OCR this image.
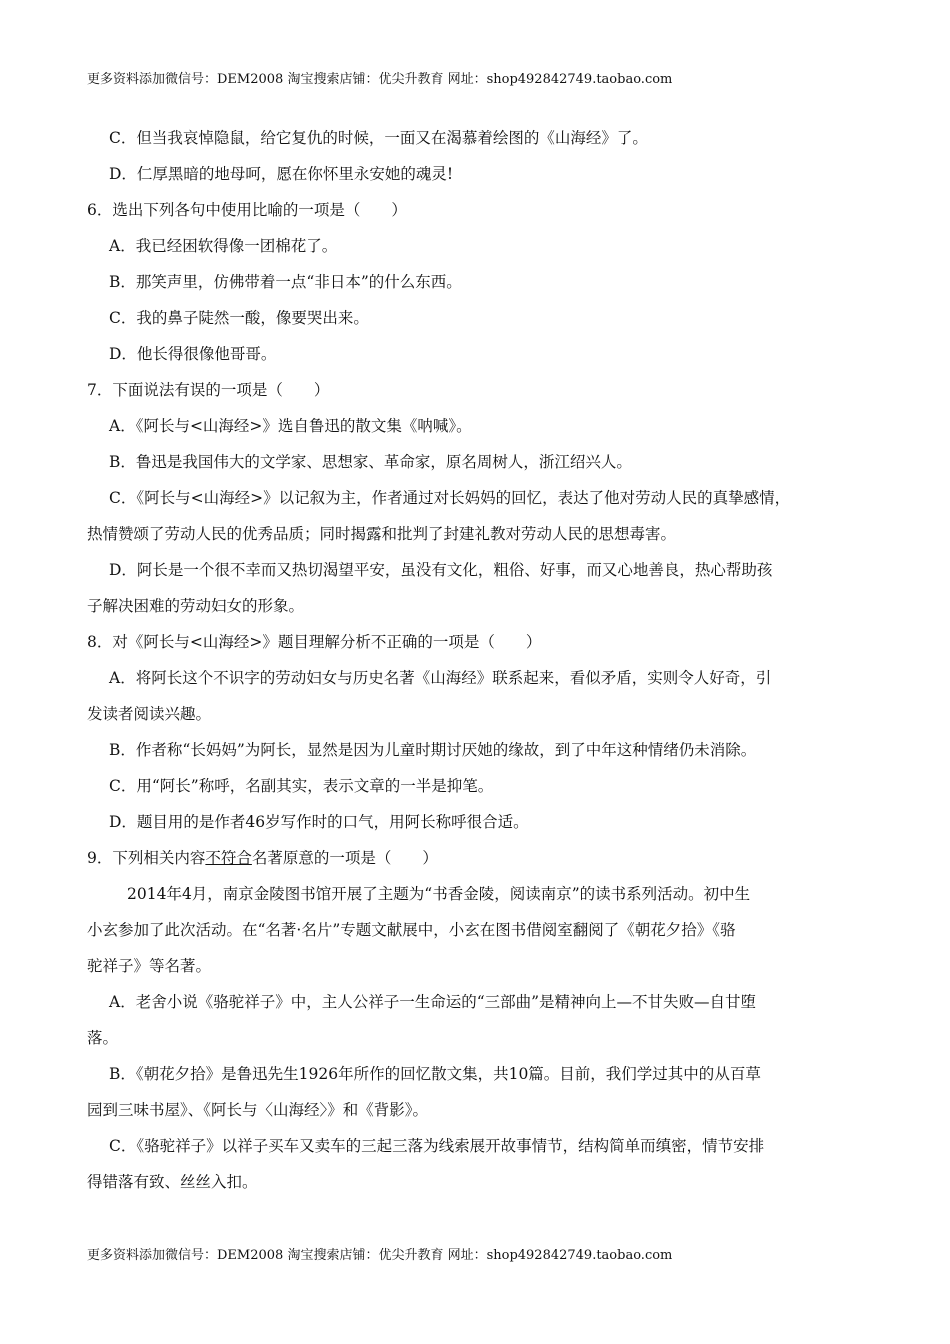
更多资料添加微信号：DEM2008 淘宝搜索店铺：优尖升教育 网址：shop492842749.taobao.com
C．但当我哀悼隐鼠，给它复仇的时候，一面又在渴慕着绘图的《山海经》了。
D．仁厚黑暗的地母呵，愿在你怀里永安她的魂灵!
6．选出下列各句中使用比喻的一项是（　　）
A．我已经困软得像一团棉花了。
B．那笑声里，仿佛带着一点“非日本”的什么东西。
C．我的鼻子陡然一酸，像要哭出来。
D．他长得很像他哥哥。
7．下面说法有误的一项是（　　）
A．《阿长与<山海经>》选自鲁迅的散文集《呐喊》。
B．鲁迅是我国伟大的文学家、思想家、革命家，原名周树人，浙江绍兴人。
C．《阿长与<山海经>》以记叙为主，作者通过对长妈妈的回忆，表达了他对劳动人民的真挚感情，
热情赞颂了劳动人民的优秀品质；同时揭露和批判了封建礼教对劳动人民的思想毒害。
D．阿长是一个很不幸而又热切渴望平安，虽没有文化，粗俗、好事，而又心地善良，热心帮助孩
子解决困难的劳动妇女的形象。
8．对《阿长与<山海经>》题目理解分析不正确的一项是（　　）
A．将阿长这个不识字的劳动妇女与历史名著《山海经》联系起来，看似矛盾，实则令人好奇，引
发读者阅读兴趣。
B．作者称“长妈妈”为阿长，显然是因为儿童时期讨厌她的缘故，到了中年这种情绪仍未消除。
C．用“阿长”称呼，名副其实，表示文章的一半是抑笔。
D．题目用的是作者46岁写作时的口气，用阿长称呼很合适。
9．下列相关内容不符合名著原意的一项是（　　）
2014年4月，南京金陵图书馆开展了主题为“书香金陵，阅读南京”的读书系列活动。初中生
小玄参加了此次活动。在“名著·名片”专题文献展中，小玄在图书借阅室翻阅了《朝花夕拾》《骆
驼祥子》等名著。
A．老舍小说《骆驼祥子》中，主人公祥子一生命运的“三部曲”是精神向上—不甘失败—自甘堕
落。
B．《朝花夕拾》是鲁迅先生1926年所作的回忆散文集，共10篇。目前，我们学过其中的从百草
园到三味书屋》、《阿长与〈山海经〉》和《背影》。
C．《骆驼祥子》以祥子买车又卖车的三起三落为线索展开故事情节，结构简单而缜密，情节安排
得错落有致、丝丝入扣。
更多资料添加微信号：DEM2008 淘宝搜索店铺：优尖升教育 网址：shop492842749.taobao.com
